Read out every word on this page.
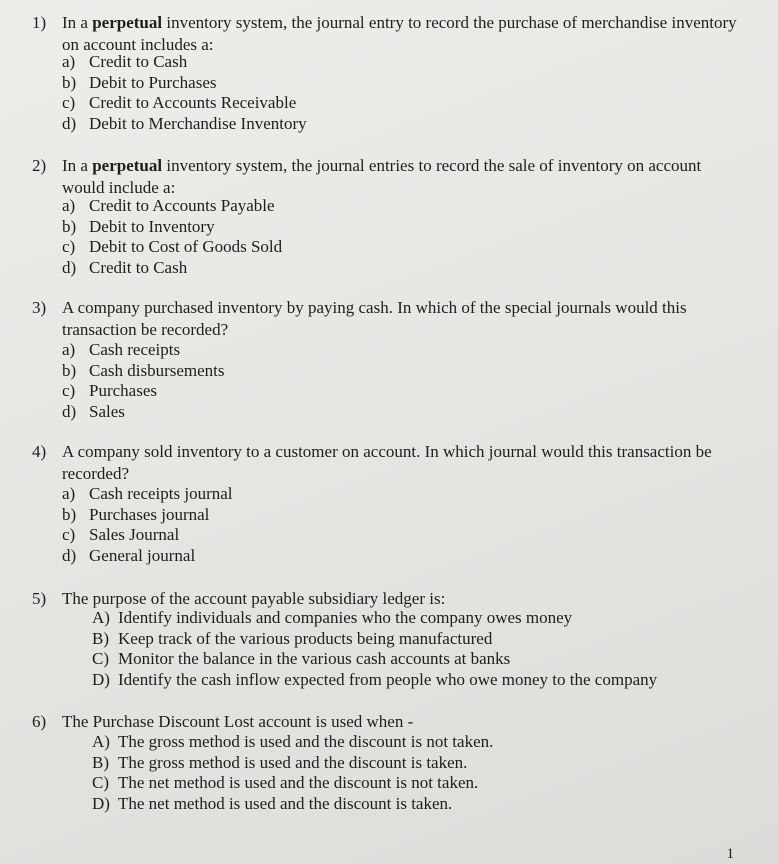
1) In a perpetual inventory system, the journal entry to record the purchase of merchandise inventory on account includes a:
a) Credit to Cash
b) Debit to Purchases
c) Credit to Accounts Receivable
d) Debit to Merchandise Inventory
2) In a perpetual inventory system, the journal entries to record the sale of inventory on account would include a:
a) Credit to Accounts Payable
b) Debit to Inventory
c) Debit to Cost of Goods Sold
d) Credit to Cash
3) A company purchased inventory by paying cash. In which of the special journals would this transaction be recorded?
a) Cash receipts
b) Cash disbursements
c) Purchases
d) Sales
4) A company sold inventory to a customer on account. In which journal would this transaction be recorded?
a) Cash receipts journal
b) Purchases journal
c) Sales Journal
d) General journal
5) The purpose of the account payable subsidiary ledger is:
A) Identify individuals and companies who the company owes money
B) Keep track of the various products being manufactured
C) Monitor the balance in the various cash accounts at banks
D) Identify the cash inflow expected from people who owe money to the company
6) The Purchase Discount Lost account is used when -
A) The gross method is used and the discount is not taken.
B) The gross method is used and the discount is taken.
C) The net method is used and the discount is not taken.
D) The net method is used and the discount is taken.
1
